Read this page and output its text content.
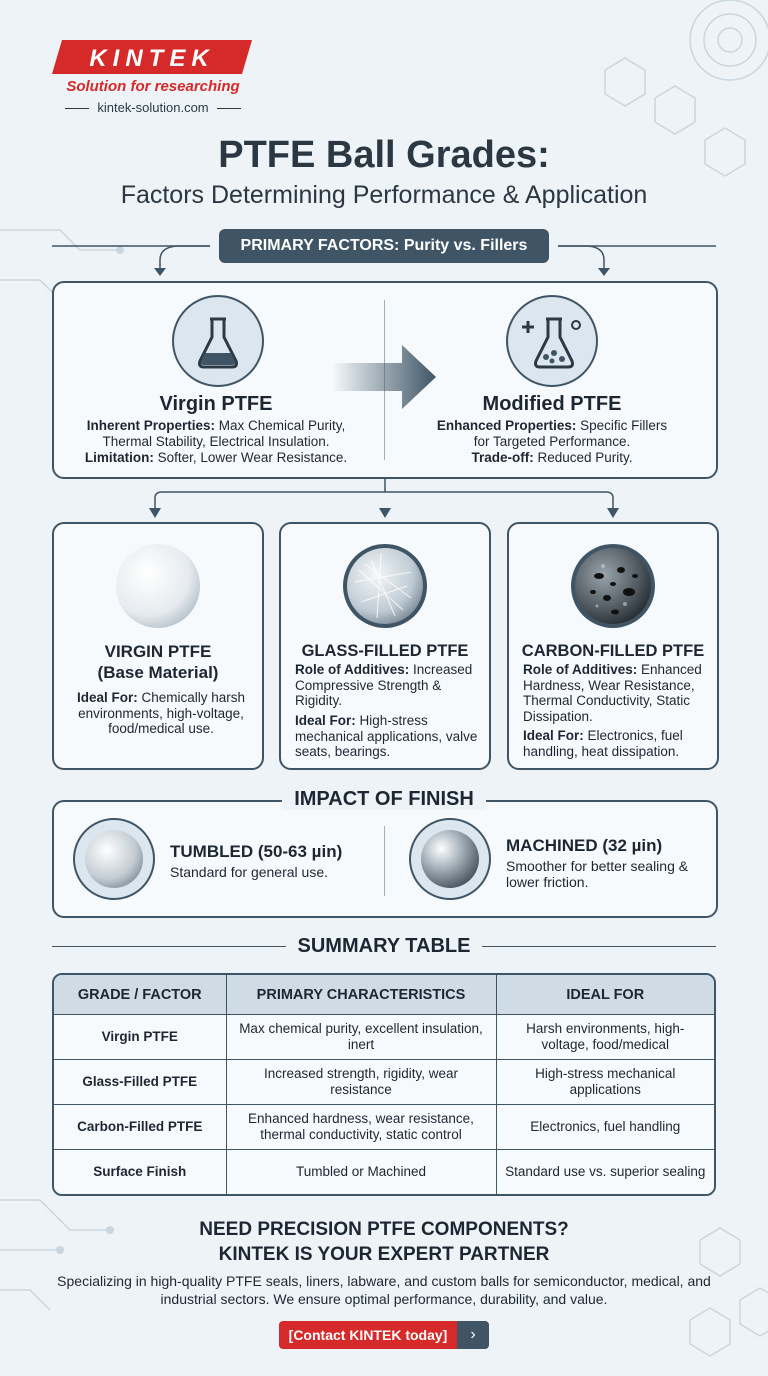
KINTEK
Solution for researching
kintek-solution.com
PTFE Ball Grades:
Factors Determining Performance & Application
PRIMARY FACTORS: Purity vs. Fillers
Virgin PTFE
Inherent Properties: Max Chemical Purity,
Thermal Stability, Electrical Insulation.
Limitation: Softer, Lower Wear Resistance.
Modified PTFE
Enhanced Properties: Specific Fillers
for Targeted Performance.
Trade-off: Reduced Purity.
VIRGIN PTFE
(Base Material)
Ideal For: Chemically harsh environments, high-voltage, food/medical use.
GLASS-FILLED PTFE
Role of Additives: Increased Compressive Strength & Rigidity.
Ideal For: High-stress mechanical applications, valve seats, bearings.
CARBON-FILLED PTFE
Role of Additives: Enhanced Hardness, Wear Resistance, Thermal Conductivity, Static Dissipation.
Ideal For: Electronics, fuel handling, heat dissipation.
IMPACT OF FINISH
TUMBLED (50-63 µin)
Standard for general use.
MACHINED (32 µin)
Smoother for better sealing & lower friction.
SUMMARY TABLE
GRADE / FACTOR	PRIMARY CHARACTERISTICS	IDEAL FOR
Virgin PTFE	Max chemical purity, excellent insulation, inert	Harsh environments, high-voltage, food/medical
Glass-Filled PTFE	Increased strength, rigidity, wear resistance	High-stress mechanical applications
Carbon-Filled PTFE	Enhanced hardness, wear resistance, thermal conductivity, static control	Electronics, fuel handling
Surface Finish	Tumbled or Machined	Standard use vs. superior sealing
NEED PRECISION PTFE COMPONENTS?
KINTEK IS YOUR EXPERT PARTNER
Specializing in high-quality PTFE seals, liners, labware, and custom balls for semiconductor, medical, and industrial sectors. We ensure optimal performance, durability, and value.
[Contact KINTEK today]	›
